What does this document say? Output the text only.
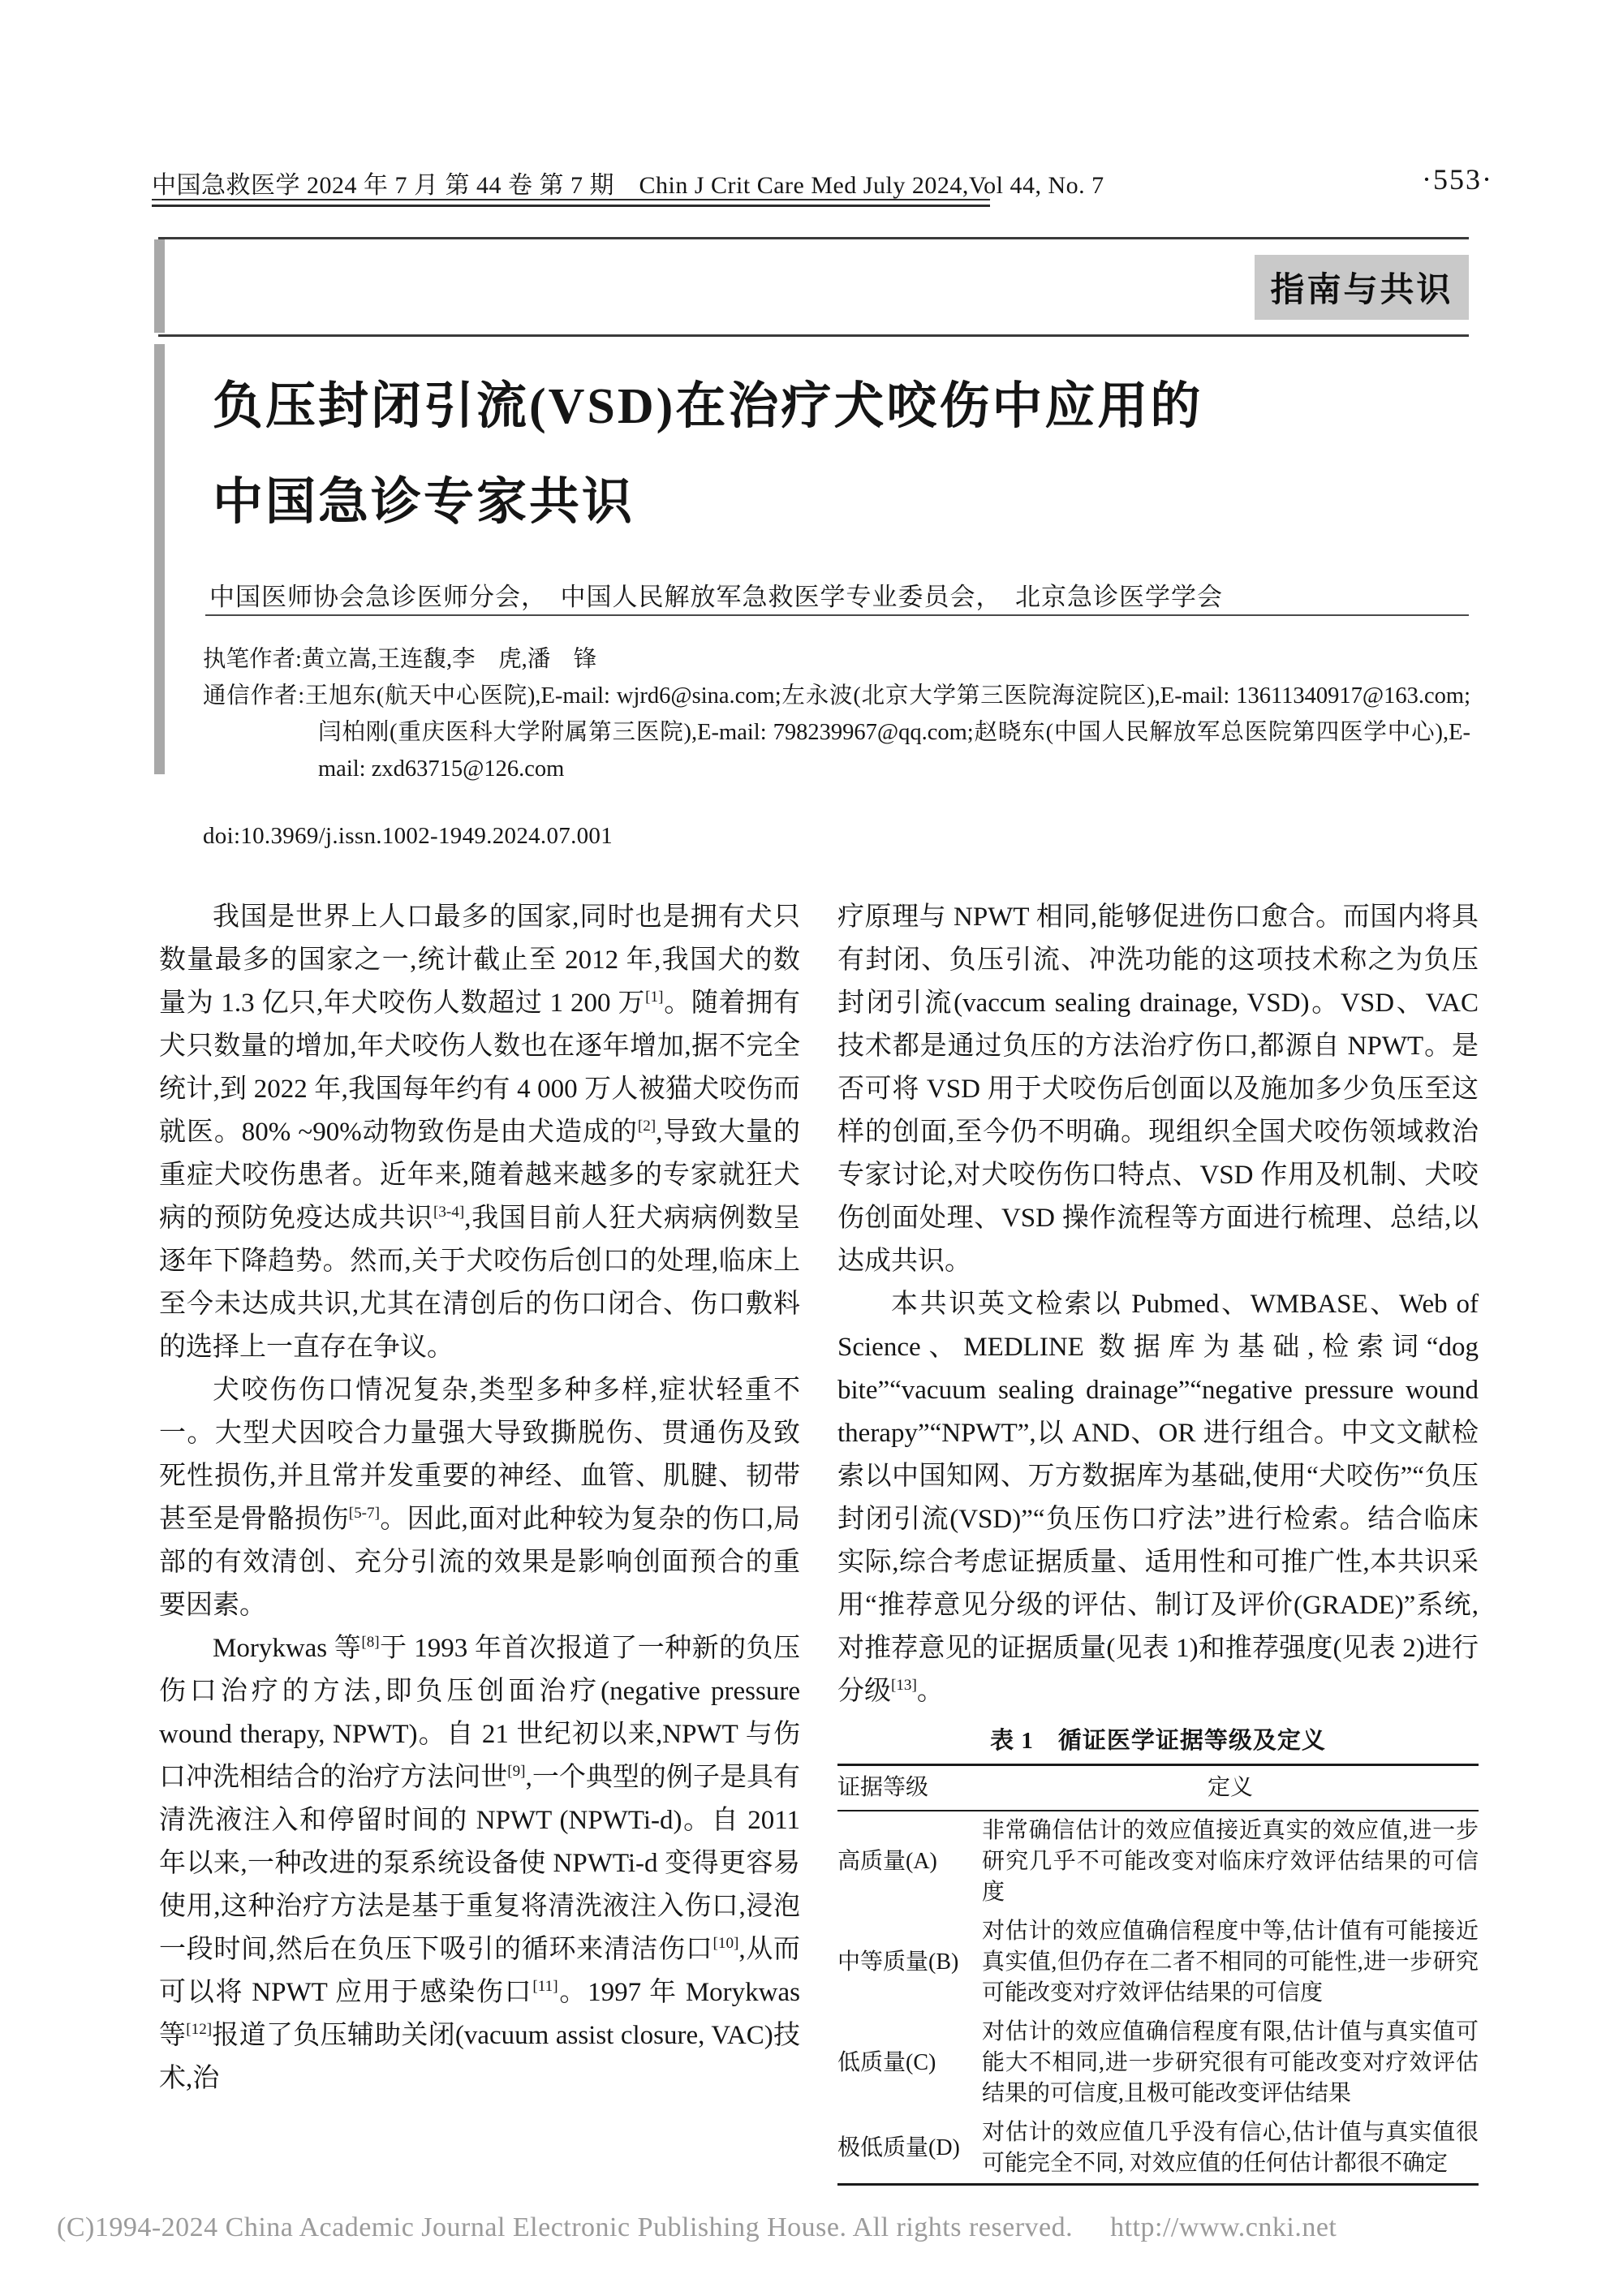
中国急救医学 2024 年 7 月 第 44 卷 第 7 期　Chin J Crit Care Med July 2024,Vol 44, No. 7	·553·
指南与共识
负压封闭引流(VSD)在治疗犬咬伤中应用的
中国急诊专家共识
中国医师协会急诊医师分会，　中国人民解放军急救医学专业委员会，　北京急诊医学学会
执笔作者:黄立嵩,王连馥,李　虎,潘　锋
通信作者:王旭东(航天中心医院),E-mail: wjrd6@sina.com;左永波(北京大学第三医院海淀院区),E-mail: 13611340917@163.com;闫柏刚(重庆医科大学附属第三医院),E-mail: 798239967@qq.com;赵晓东(中国人民解放军总医院第四医学中心),E-mail: zxd63715@126.com
doi:10.3969/j.issn.1002-1949.2024.07.001

我国是世界上人口最多的国家,同时也是拥有犬只数量最多的国家之一,统计截止至 2012 年,我国犬的数量为 1.3 亿只,年犬咬伤人数超过 1 200 万[1]。随着拥有犬只数量的增加,年犬咬伤人数也在逐年增加,据不完全统计,到 2022 年,我国每年约有 4 000 万人被猫犬咬伤而就医。80% ~90%动物致伤是由犬造成的[2],导致大量的重症犬咬伤患者。近年来,随着越来越多的专家就狂犬病的预防免疫达成共识[3-4],我国目前人狂犬病病例数呈逐年下降趋势。然而,关于犬咬伤后创口的处理,临床上至今未达成共识,尤其在清创后的伤口闭合、伤口敷料的选择上一直存在争议。

犬咬伤伤口情况复杂,类型多种多样,症状轻重不一。大型犬因咬合力量强大导致撕脱伤、贯通伤及致死性损伤,并且常并发重要的神经、血管、肌腱、韧带甚至是骨骼损伤[5-7]。因此,面对此种较为复杂的伤口,局部的有效清创、充分引流的效果是影响创面预合的重要因素。

Morykwas 等[8]于 1993 年首次报道了一种新的负压伤口治疗的方法,即负压创面治疗(negative pressure wound therapy, NPWT)。自 21 世纪初以来,NPWT 与伤口冲洗相结合的治疗方法问世[9],一个典型的例子是具有清洗液注入和停留时间的 NPWT (NPWTi-d)。自 2011 年以来,一种改进的泵系统设备使 NPWTi-d 变得更容易使用,这种治疗方法是基于重复将清洗液注入伤口,浸泡一段时间,然后在负压下吸引的循环来清洁伤口[10],从而可以将 NPWT 应用于感染伤口[11]。1997 年 Morykwas 等[12]报道了负压辅助关闭(vacuum assist closure, VAC)技术,治

疗原理与 NPWT 相同,能够促进伤口愈合。而国内将具有封闭、负压引流、冲洗功能的这项技术称之为负压封闭引流(vaccum sealing drainage, VSD)。VSD、VAC 技术都是通过负压的方法治疗伤口,都源自 NPWT。是否可将 VSD 用于犬咬伤后创面以及施加多少负压至这样的创面,至今仍不明确。现组织全国犬咬伤领域救治专家讨论,对犬咬伤伤口特点、VSD 作用及机制、犬咬伤创面处理、VSD 操作流程等方面进行梳理、总结,以达成共识。

本共识英文检索以 Pubmed、WMBASE、Web of Science、MEDLINE 数据库为基础,检索词“dog bite”“vacuum sealing drainage”“negative pressure wound therapy”“NPWT”,以 AND、OR 进行组合。中文文献检索以中国知网、万方数据库为基础,使用“犬咬伤”“负压封闭引流(VSD)”“负压伤口疗法”进行检索。结合临床实际,综合考虑证据质量、适用性和可推广性,本共识采用“推荐意见分级的评估、制订及评价(GRADE)”系统,对推荐意见的证据质量(见表 1)和推荐强度(见表 2)进行分级[13]。

表 1　循证医学证据等级及定义
证据等级	定义
高质量(A)	非常确信估计的效应值接近真实的效应值,进一步研究几乎不可能改变对临床疗效评估结果的可信度
中等质量(B)	对估计的效应值确信程度中等,估计值有可能接近真实值,但仍存在二者不相同的可能性,进一步研究可能改变对疗效评估结果的可信度
低质量(C)	对估计的效应值确信程度有限,估计值与真实值可能大不相同,进一步研究很有可能改变对疗效评估结果的可信度,且极可能改变评估结果
极低质量(D)	对估计的效应值几乎没有信心,估计值与真实值很可能完全不同, 对效应值的任何估计都很不确定
(C)1994-2024 China Academic Journal Electronic Publishing House. All rights reserved. http://www.cnki.net
